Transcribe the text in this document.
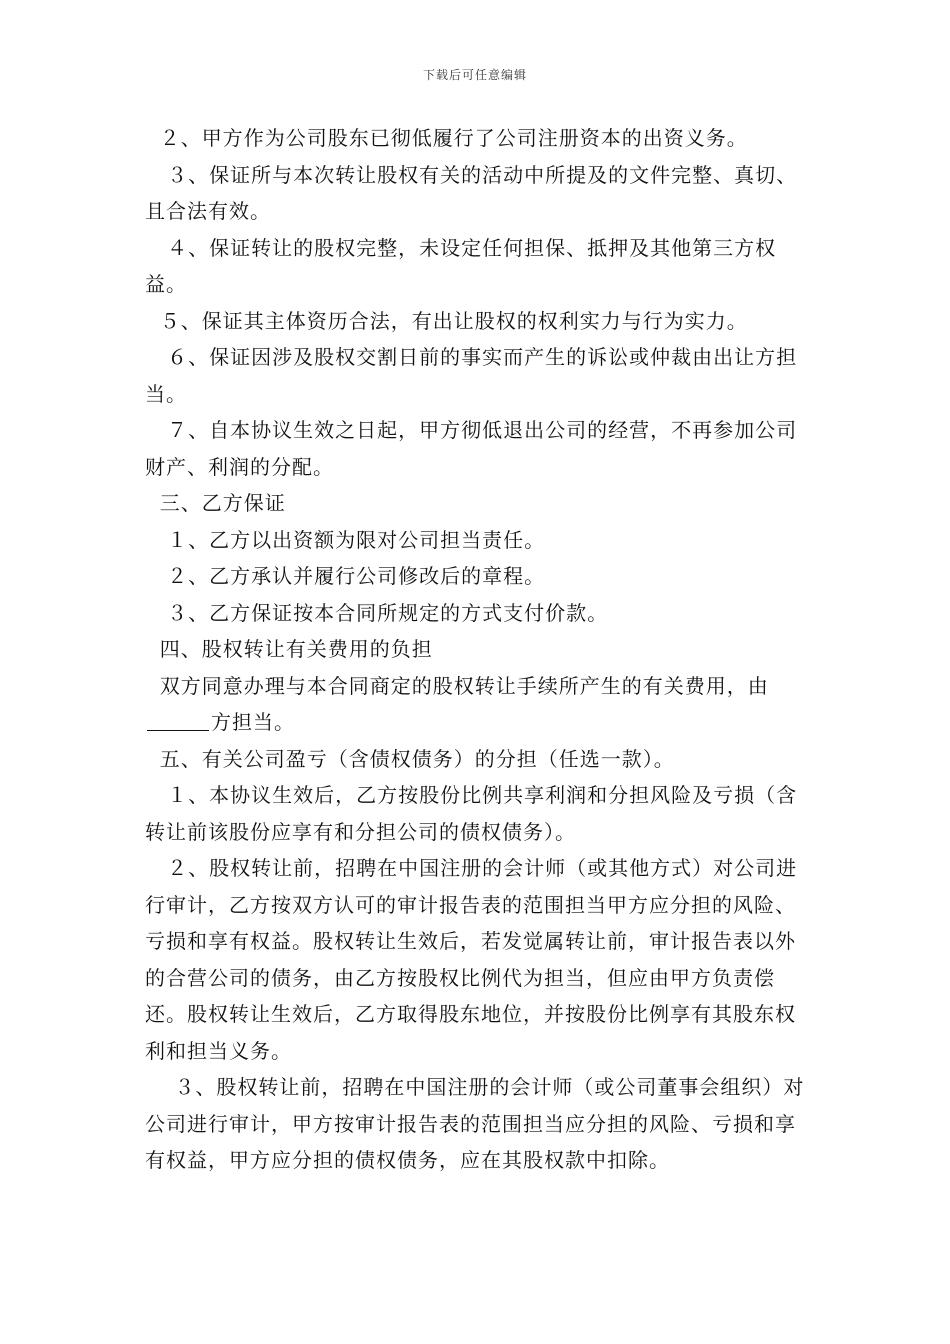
下载后可任意编辑

２、甲方作为公司股东已彻低履行了公司注册资本的出资义务。

３、保证所与本次转让股权有关的活动中所提及的文件完整、真切、且合法有效。

４、保证转让的股权完整，未设定任何担保、抵押及其他第三方权益。

５、保证其主体资历合法，有出让股权的权利实力与行为实力。

６、保证因涉及股权交割日前的事实而产生的诉讼或仲裁由出让方担当。

７、自本协议生效之日起，甲方彻低退出公司的经营，不再参加公司财产、利润的分配。

三、乙方保证

１、乙方以出资额为限对公司担当责任。

２、乙方承认并履行公司修改后的章程。

３、乙方保证按本合同所规定的方式支付价款。

四、股权转让有关费用的负担

双方同意办理与本合同商定的股权转让手续所产生的有关费用，由方担当。

五、有关公司盈亏（含债权债务）的分担（任选一款）。

１、本协议生效后，乙方按股份比例共享利润和分担风险及亏损（含转让前该股份应享有和分担公司的债权债务）。

２、股权转让前，招聘在中国注册的会计师（或其他方式）对公司进行审计，乙方按双方认可的审计报告表的范围担当甲方应分担的风险、亏损和享有权益。股权转让生效后，若发觉属转让前，审计报告表以外的合营公司的债务，由乙方按股权比例代为担当，但应由甲方负责偿还。股权转让生效后，乙方取得股东地位，并按股份比例享有其股东权利和担当义务。

３、股权转让前，招聘在中国注册的会计师（或公司董事会组织）对公司进行审计，甲方按审计报告表的范围担当应分担的风险、亏损和享有权益，甲方应分担的债权债务，应在其股权款中扣除。
